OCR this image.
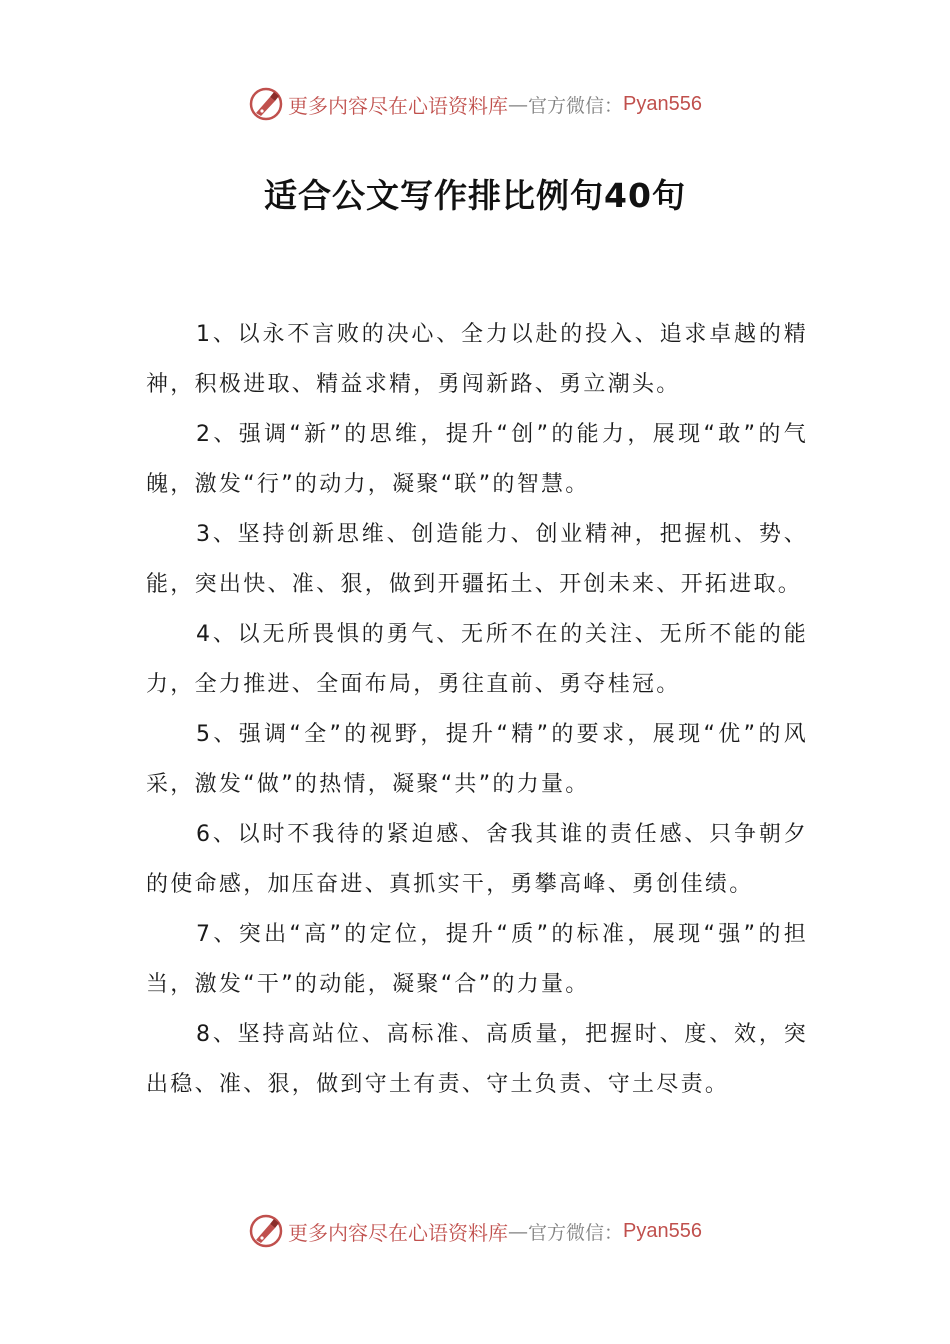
更多内容尽在心语资料库 — 官方微信： Pyan556
适合公文写作排比例句40句

1、以永不言败的决心、全力以赴的投入、追求卓越的精神，积极进取、精益求精，勇闯新路、勇立潮头。

2、强调“新”的思维，提升“创”的能力，展现“敢”的气魄，激发“行”的动力，凝聚“联”的智慧。

3、坚持创新思维、创造能力、创业精神，把握机、势、能，突出快、准、狠，做到开疆拓土、开创未来、开拓进取。

4、以无所畏惧的勇气、无所不在的关注、无所不能的能力，全力推进、全面布局，勇往直前、勇夺桂冠。

5、强调“全”的视野，提升“精”的要求，展现“优”的风采，激发“做”的热情，凝聚“共”的力量。

6、以时不我待的紧迫感、舍我其谁的责任感、只争朝夕的使命感，加压奋进、真抓实干，勇攀高峰、勇创佳绩。

7、突出“高”的定位，提升“质”的标准，展现“强”的担当，激发“干”的动能，凝聚“合”的力量。

8、坚持高站位、高标准、高质量，把握时、度、效，突出稳、准、狠，做到守土有责、守土负责、守土尽责。

更多内容尽在心语资料库 — 官方微信： Pyan556
